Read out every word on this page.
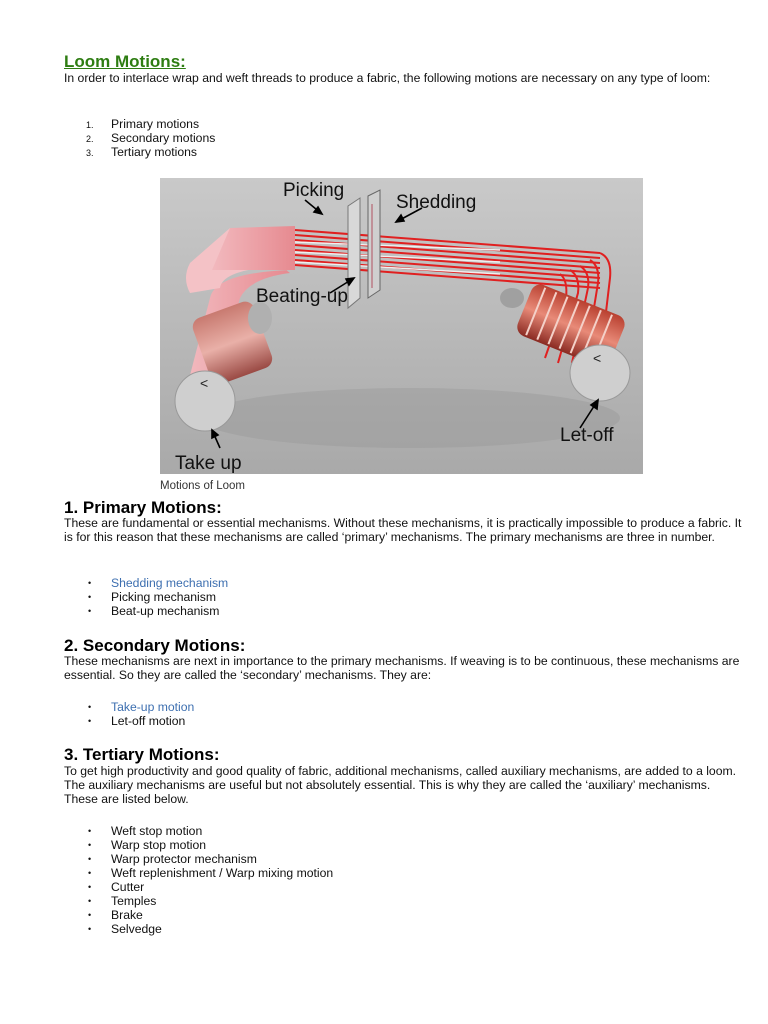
Loom Motions:
In order to interlace wrap and weft threads to produce a fabric, the following motions are necessary on any type of loom:
1. Primary motions
2. Secondary motions
3. Tertiary motions
Picking
Shedding
Beating-up
Take up
Let-off
<
<
Motions of Loom
1. Primary Motions:
These are fundamental or essential mechanisms. Without these mechanisms, it is practically impossible to produce a fabric. It is for this reason that these mechanisms are called ‘primary’ mechanisms. The primary mechanisms are three in number.
• Shedding mechanism
• Picking mechanism
• Beat-up mechanism
2. Secondary Motions:
These mechanisms are next in importance to the primary mechanisms. If weaving is to be continuous, these mechanisms are essential. So they are called the ‘secondary’ mechanisms. They are:
• Take-up motion
• Let-off motion
3. Tertiary Motions:
To get high productivity and good quality of fabric, additional mechanisms, called auxiliary mechanisms, are added to a loom. The auxiliary mechanisms are useful but not absolutely essential. This is why they are called the ‘auxiliary’ mechanisms. These are listed below.
• Weft stop motion
• Warp stop motion
• Warp protector mechanism
• Weft replenishment / Warp mixing motion
• Cutter
• Temples
• Brake
• Selvedge
